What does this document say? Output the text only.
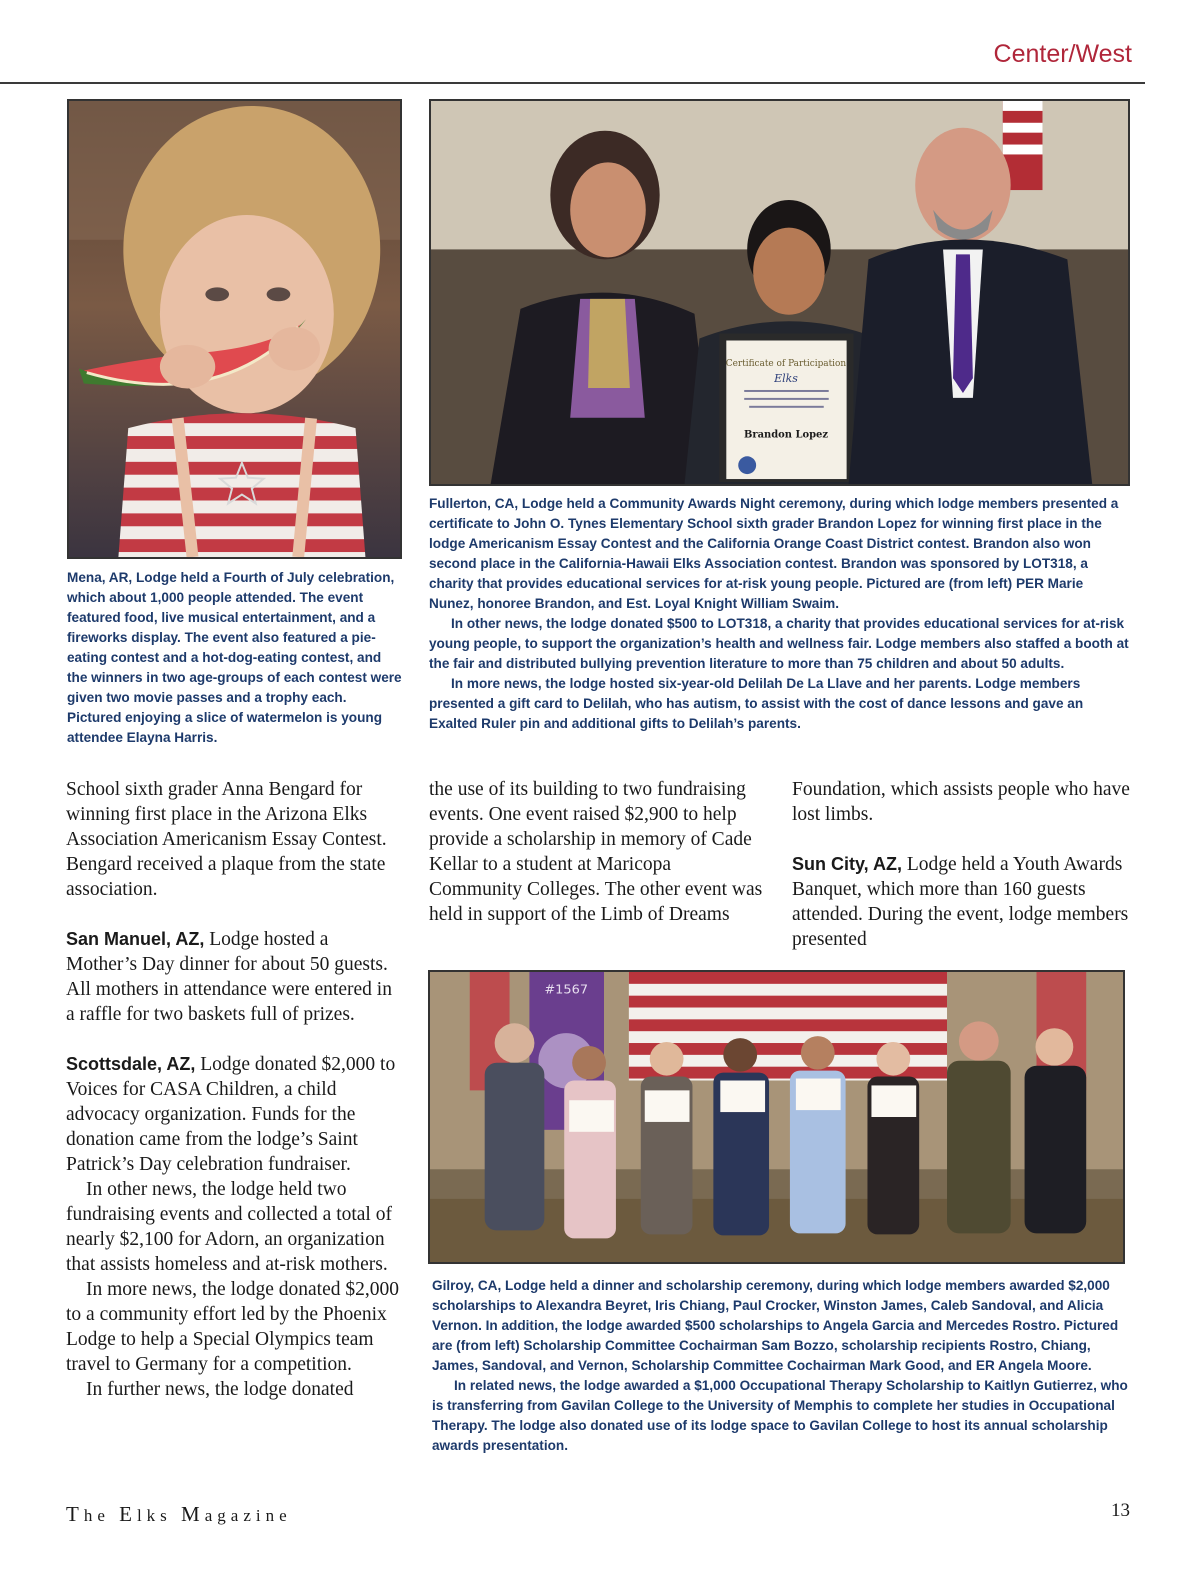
Center/West

Mena, AR, Lodge held a Fourth of July celebration, which about 1,000 people attended. The event featured food, live musical entertainment, and a fireworks display. The event also featured a pie-eating contest and a hot-dog-eating contest, and the winners in two age-groups of each contest were given two movie passes and a trophy each. Pictured enjoying a slice of watermelon is young attendee Elayna Harris.

Certificate of Participation
Elks
Brandon Lopez

Fullerton, CA, Lodge held a Community Awards Night ceremony, during which lodge members presented a certificate to John O. Tynes Elementary School sixth grader Brandon Lopez for winning first place in the lodge Americanism Essay Contest and the California Orange Coast District contest. Brandon also won second place in the California-Hawaii Elks Association contest. Brandon was sponsored by LOT318, a charity that provides educational services for at-risk young people. Pictured are (from left) PER Marie Nunez, honoree Brandon, and Est. Loyal Knight William Swaim.

In other news, the lodge donated $500 to LOT318, a charity that provides educational services for at-risk young people, to support the organization’s health and wellness fair. Lodge members also staffed a booth at the fair and distributed bullying prevention literature to more than 75 children and about 50 adults.

In more news, the lodge hosted six-year-old Delilah De La Llave and her parents. Lodge members presented a gift card to Delilah, who has autism, to assist with the cost of dance lessons and gave an Exalted Ruler pin and additional gifts to Delilah’s parents.

School sixth grader Anna Bengard for winning first place in the Arizona Elks Association Americanism Essay Contest. Bengard received a plaque from the state association.

San Manuel, AZ, Lodge hosted a Mother’s Day dinner for about 50 guests. All mothers in attendance were entered in a raffle for two baskets full of prizes.

Scottsdale, AZ, Lodge donated $2,000 to Voices for CASA Children, a child advocacy organization. Funds for the donation came from the lodge’s Saint Patrick’s Day celebration fundraiser.

In other news, the lodge held two fundraising events and collected a total of nearly $2,100 for Adorn, an organization that assists homeless and at-risk mothers.

In more news, the lodge donated $2,000 to a community effort led by the Phoenix Lodge to help a Special Olympics team travel to Germany for a competition.

In further news, the lodge donated

the use of its building to two fundraising events. One event raised $2,900 to help provide a scholarship in memory of Cade Kellar to a student at Maricopa Community Colleges. The other event was held in support of the Limb of Dreams

Foundation, which assists people who have lost limbs.

Sun City, AZ, Lodge held a Youth Awards Banquet, which more than 160 guests attended. During the event, lodge members presented

#1567

Gilroy, CA, Lodge held a dinner and scholarship ceremony, during which lodge members awarded $2,000 scholarships to Alexandra Beyret, Iris Chiang, Paul Crocker, Winston James, Caleb Sandoval, and Alicia Vernon. In addition, the lodge awarded $500 scholarships to Angela Garcia and Mercedes Rostro. Pictured are (from left) Scholarship Committee Cochairman Sam Bozzo, scholarship recipients Rostro, Chiang, James, Sandoval, and Vernon, Scholarship Committee Cochairman Mark Good, and ER Angela Moore.

In related news, the lodge awarded a $1,000 Occupational Therapy Scholarship to Kaitlyn Gutierrez, who is transferring from Gavilan College to the University of Memphis to complete her studies in Occupational Therapy. The lodge also donated use of its lodge space to Gavilan College to host its annual scholarship awards presentation.

The Elks Magazine	13
